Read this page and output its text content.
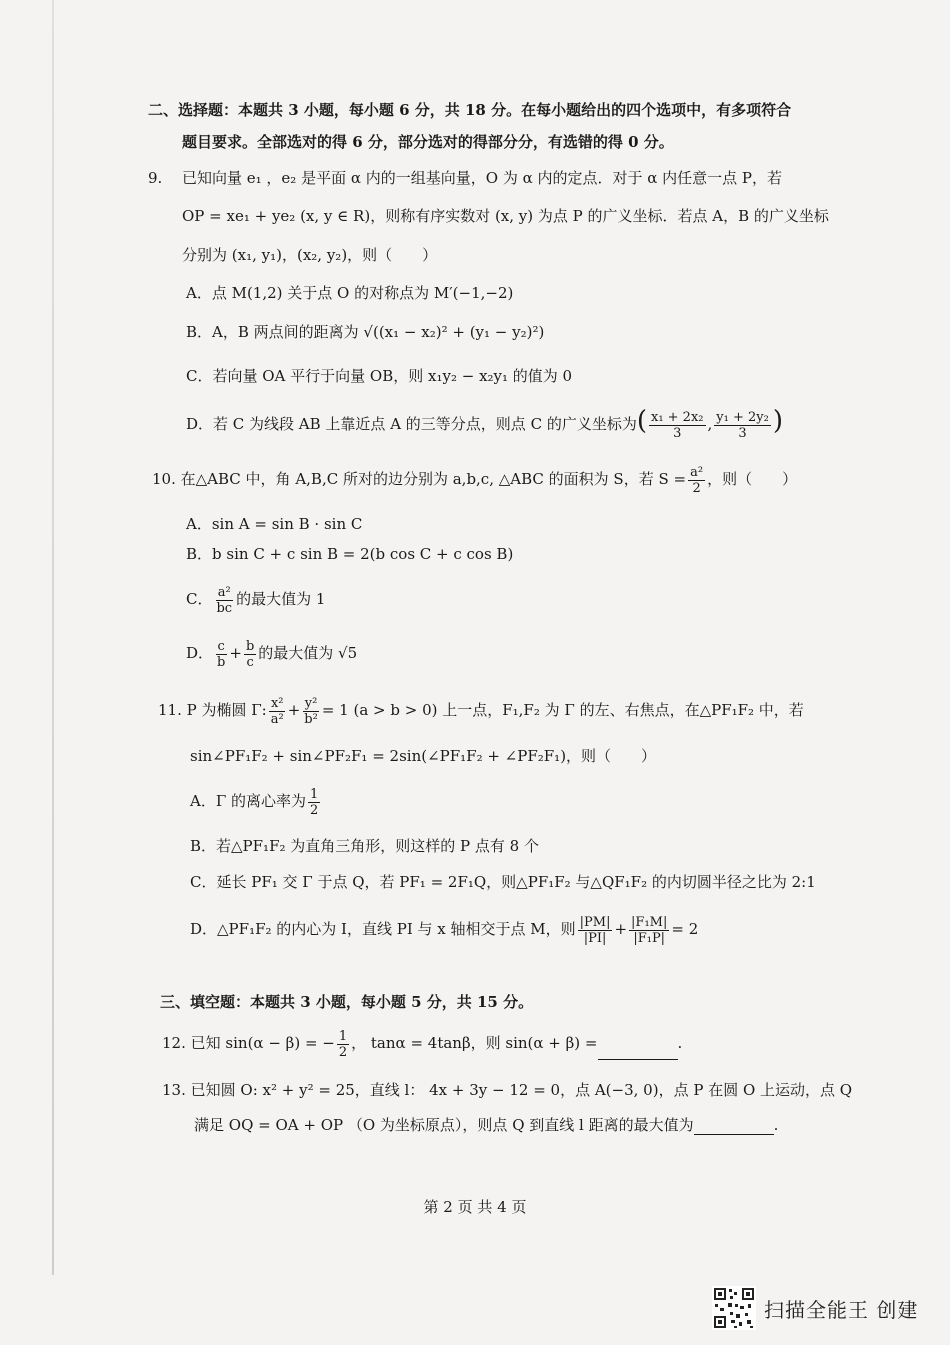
二、选择题：本题共 3 小题，每小题 6 分，共 18 分。在每小题给出的四个选项中，有多项符合
题目要求。全部选对的得 6 分，部分选对的得部分分，有选错的得 0 分。
9. 已知向量 e₁ ，e₂ 是平面 α 内的一组基向量，O 为 α 内的定点．对于 α 内任意一点 P，若
OP = xe₁ + ye₂ (x, y ∈ R)，则称有序实数对 (x, y) 为点 P 的广义坐标．若点 A，B 的广义坐标
分别为 (x₁, y₁)，(x₂, y₂)，则（　　）
A．点 M(1,2) 关于点 O 的对称点为 M′(−1,−2)
B．A，B 两点间的距离为 √((x₁ − x₂)² + (y₁ − y₂)²)
C．若向量 OA 平行于向量 OB，则 x₁y₂ − x₂y₁ 的值为 0
D．若 C 为线段 AB 上靠近点 A 的三等分点，则点 C 的广义坐标为( $\frac{\text{x₁ + 2x₂}}{3}$ , $\frac{\text{y₁ + 2y₂}}{3}$ )
10. 在△ABC 中，角 A,B,C 所对的边分别为 a,b,c, △ABC 的面积为 S，若 $S = \frac{\text{a²}}{2}$ ，则（　　）
A．sin A = sin B · sin C
B．b sin C + c sin B = 2(b cos C + c cos B)
C． $\frac{\text{a²}}{bc}$ 的最大值为 1
D． $\frac{c}{b} + \frac{b}{c}$ 的最大值为 √5
11. P 为椭圆 Γ: $\frac{\text{x²}}{\text{a²}} + \frac{\text{y²}}{\text{b²}} = 1$ (a > b > 0) 上一点，F₁,F₂ 为 Γ 的左、右焦点，在△PF₁F₂ 中，若
sin∠PF₁F₂ + sin∠PF₂F₁ = 2sin(∠PF₁F₂ + ∠PF₂F₁)，则（　　）
A．Γ 的离心率为 $\frac{1}{2}$
B．若△PF₁F₂ 为直角三角形，则这样的 P 点有 8 个
C．延长 PF₁ 交 Γ 于点 Q，若 PF₁ = 2F₁Q，则△PF₁F₂ 与△QF₁F₂ 的内切圆半径之比为 2:1
D．△PF₁F₂ 的内心为 I，直线 PI 与 x 轴相交于点 M，则 $\frac{|PM|}{|PI|} + \frac{\text{|F₁M|}}{\text{|F₁P|}} = 2$
三、填空题：本题共 3 小题，每小题 5 分，共 15 分。
12. 已知 sin(α − β) = − $\frac{1}{2}$ ， tanα = 4tanβ，则 sin(α + β) =	.
13. 已知圆 O: x² + y² = 25，直线 l： 4x + 3y − 12 = 0，点 A(−3, 0)，点 P 在圆 O 上运动，点 Q
满足 OQ = OA + OP （O 为坐标原点），则点 Q 到直线 l 距离的最大值为	.
第 2 页 共 4 页
扫描全能王 创建
